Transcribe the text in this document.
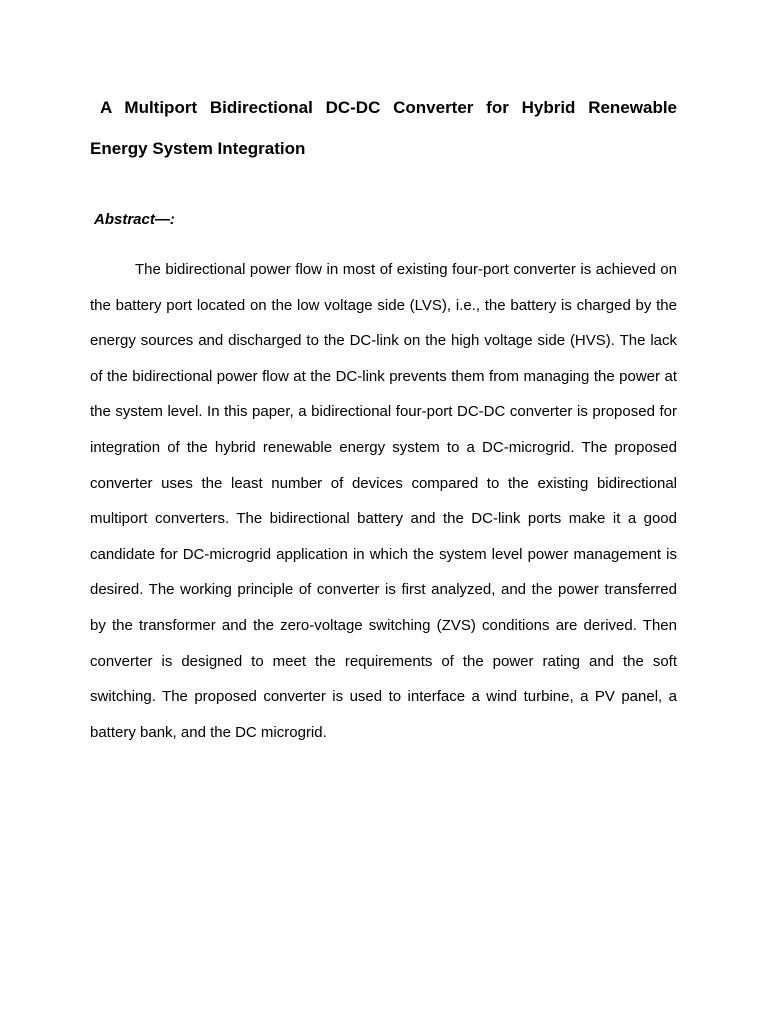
A Multiport Bidirectional DC-DC Converter for Hybrid Renewable Energy System Integration

Abstract—:

The bidirectional power flow in most of existing four-port converter is achieved on the battery port located on the low voltage side (LVS), i.e., the battery is charged by the energy sources and discharged to the DC-link on the high voltage side (HVS). The lack of the bidirectional power flow at the DC-link prevents them from managing the power at the system level. In this paper, a bidirectional four-port DC-DC converter is proposed for integration of the hybrid renewable energy system to a DC-microgrid. The proposed converter uses the least number of devices compared to the existing bidirectional multiport converters. The bidirectional battery and the DC-link ports make it a good candidate for DC-microgrid application in which the system level power management is desired. The working principle of converter is first analyzed, and the power transferred by the transformer and the zero-voltage switching (ZVS) conditions are derived. Then converter is designed to meet the requirements of the power rating and the soft switching. The proposed converter is used to interface a wind turbine, a PV panel, a battery bank, and the DC microgrid.
